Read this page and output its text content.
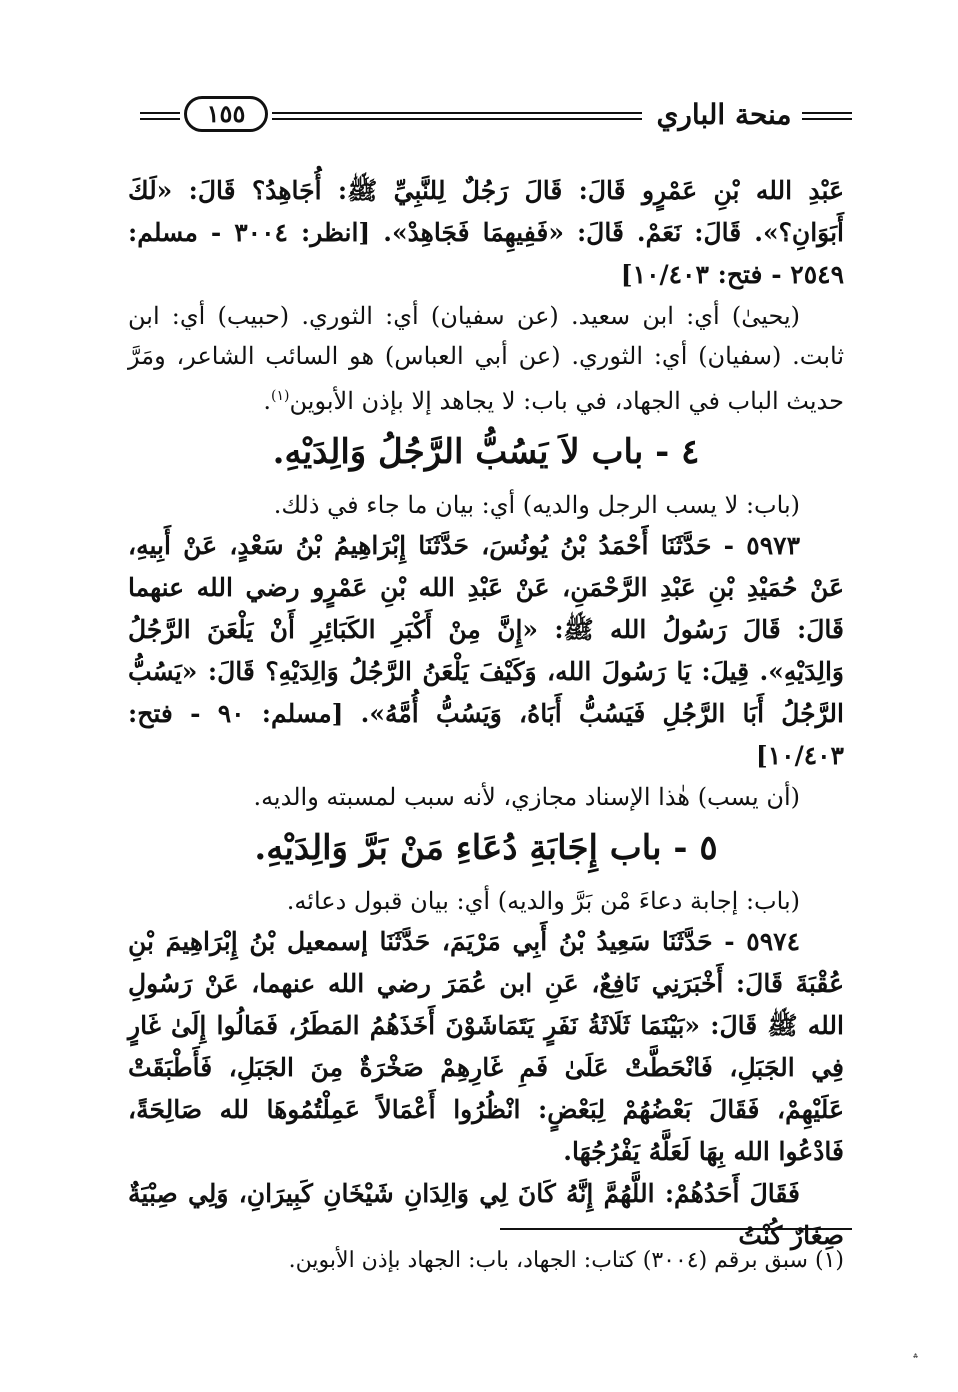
١٥٥	منحة الباري

عَبْدِ الله بْنِ عَمْرٍو قَالَ: قَالَ رَجُلٌ لِلنَّبِيِّ ﷺ: أُجَاهِدُ؟ قَالَ: «لَكَ أَبَوَانِ؟». قَالَ: نَعَمْ. قَالَ: «فَفِيهِمَا فَجَاهِدْ». [انظر: ٣٠٠٤ - مسلم: ٢٥٤٩ - فتح: ١٠/٤٠٣]

(يحيىٰ) أي: ابن سعيد. (عن سفيان) أي: الثوري. (حبيب) أي: ابن ثابت. (سفيان) أي: الثوري. (عن أبي العباس) هو السائب الشاعر، ومَرَّ حديث الباب في الجهاد، في باب: لا يجاهد إلا بإذن الأبوين$^{(١)}$.

٤ - باب لاَ يَسُبُّ الرَّجُلُ وَالِدَيْهِ.

(باب: لا يسب الرجل والديه) أي: بيان ما جاء في ذلك.

٥٩٧٣ - حَدَّثَنَا أَحْمَدُ بْنُ يُونُسَ، حَدَّثَنَا إِبْرَاهِيمُ بْنُ سَعْدٍ، عَنْ أَبِيهِ، عَنْ حُمَيْدِ بْنِ عَبْدِ الرَّحْمَنِ، عَنْ عَبْدِ الله بْنِ عَمْرٍو رضي الله عنهما قَالَ: قَالَ رَسُولُ الله ﷺ: «إِنَّ مِنْ أَكْبَرِ الكَبَائِرِ أَنْ يَلْعَنَ الرَّجُلُ وَالِدَيْهِ». قِيلَ: يَا رَسُولَ الله، وَكَيْفَ يَلْعَنُ الرَّجُلُ وَالِدَيْهِ؟ قَالَ: «يَسُبُّ الرَّجُلُ أَبَا الرَّجُلِ فَيَسُبُّ أَبَاهُ، وَيَسُبُّ أُمَّهُ». [مسلم: ٩٠ - فتح: ١٠/٤٠٣]

(أن يسب) هٰذا الإسناد مجازي، لأنه سبب لمسبته والديه.

٥ - باب إِجَابَةِ دُعَاءِ مَنْ بَرَّ وَالِدَيْهِ.

(باب: إجابة دعاءَ مْن بَرَّ والديه) أي: بيان قبول دعائه.

٥٩٧٤ - حَدَّثَنَا سَعِيدُ بْنُ أَبِي مَرْيَمَ، حَدَّثَنَا إسمعيل بْنُ إِبْرَاهِيمَ بْنِ عُقْبَةَ قَالَ: أَخْبَرَنِي نَافِعٌ، عَنِ ابن عُمَرَ رضي الله عنهما، عَنْ رَسُولِ الله ﷺ قَالَ: «بَيْنَمَا ثَلَاثَةُ نَفَرٍ يَتَمَاشَوْنَ أَخَذَهُمُ المَطَرُ، فَمَالُوا إِلَىٰ غَارٍ فِي الجَبَلِ، فَانْحَطَّتْ عَلَىٰ فَمِ غَارِهِمْ صَخْرَةٌ مِنَ الجَبَلِ، فَأَطْبَقَتْ عَلَيْهِمْ، فَقَالَ بَعْضُهُمْ لِبَعْضٍ: انْظُرُوا أَعْمَالاً عَمِلْتُمُوهَا لله صَالِحَةً، فَادْعُوا الله بِهَا لَعَلَّهُ يَفْرُجُهَا.

فَقَالَ أَحَدُهُمْ: اللَّهُمَّ إِنَّهُ كَانَ لِي وَالِدَانِ شَيْخَانِ كَبِيرَانِ، وَلِي صِبْيَةٌ صِغَارٌ كُنْتُ

(١) سبق برقم (٣٠٠٤) كتاب: الجهاد، باب: الجهاد بإذن الأبوين.

؞
